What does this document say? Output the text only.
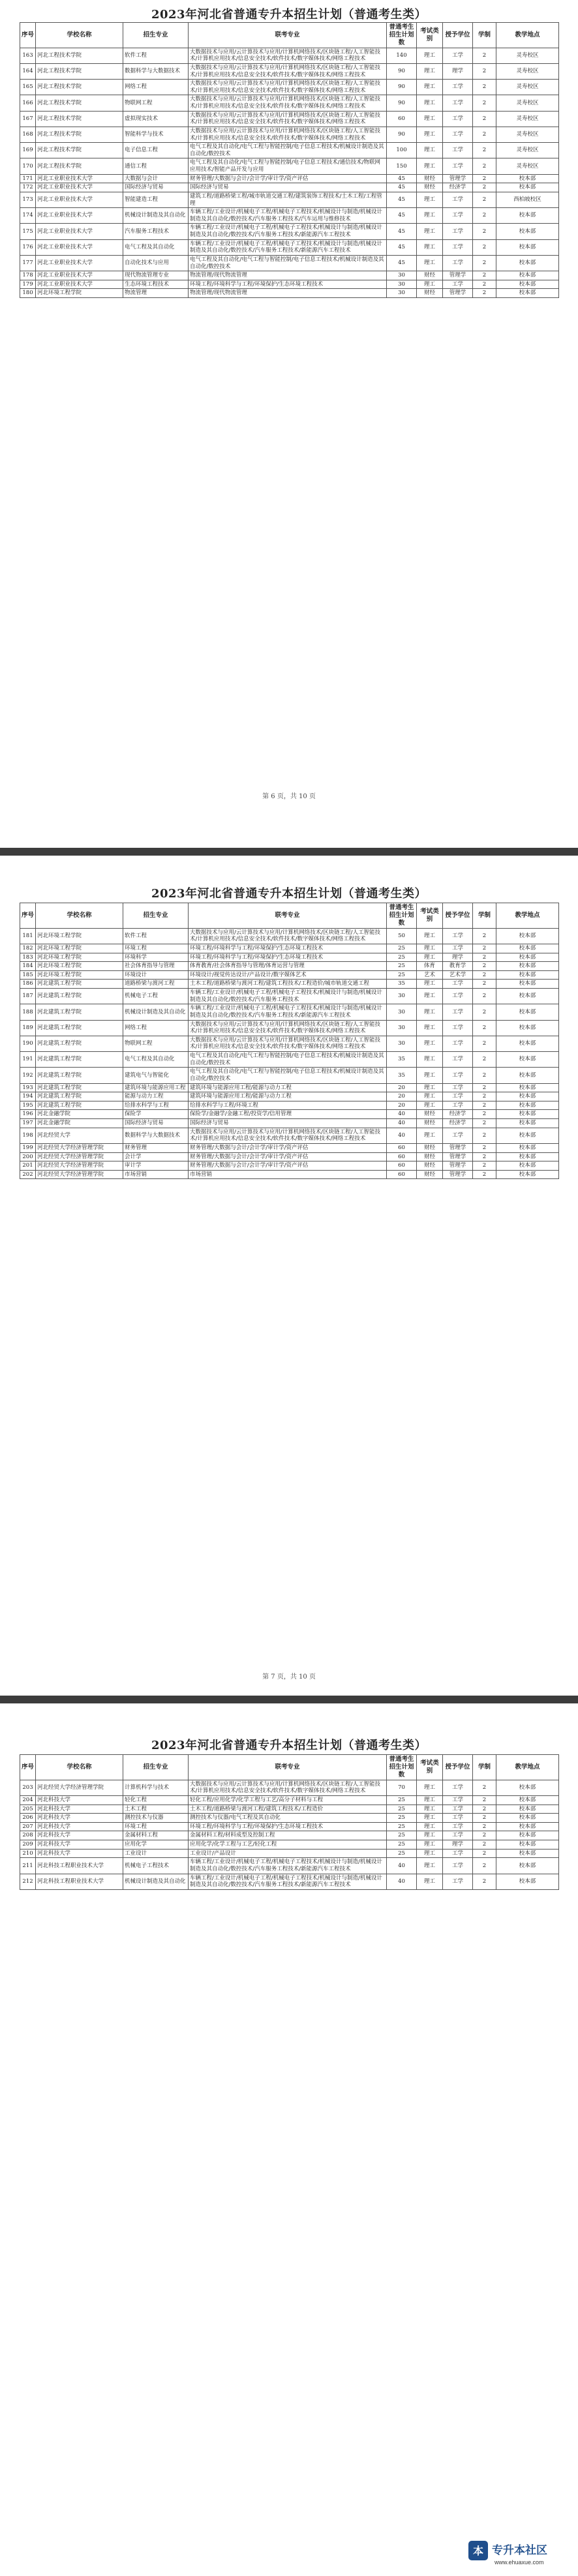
2023年河北省普通专升本招生计划（普通考生类）
序号	学校名称	招生专业	联考专业	普通考生招生计划数	考试类别	授予学位	学制	教学地点
163	河北工程技术学院	软件工程	大数据技术与应用/云计算技术与应用/计算机网络技术/区块链工程/人工智能技术/计算机应用技术/信息安全技术/软件技术/数字媒体技术/网络工程技术	140	理工	工学	2	灵寿校区
164	河北工程技术学院	数据科学与大数据技术	大数据技术与应用/云计算技术与应用/计算机网络技术/区块链工程/人工智能技术/计算机应用技术/信息安全技术/软件技术/数字媒体技术/网络工程技术	90	理工	理学	2	灵寿校区
165	河北工程技术学院	网络工程	大数据技术与应用/云计算技术与应用/计算机网络技术/区块链工程/人工智能技术/计算机应用技术/信息安全技术/软件技术/数字媒体技术/网络工程技术	90	理工	工学	2	灵寿校区
166	河北工程技术学院	物联网工程	大数据技术与应用/云计算技术与应用/计算机网络技术/区块链工程/人工智能技术/计算机应用技术/信息安全技术/软件技术/数字媒体技术/网络工程技术	90	理工	工学	2	灵寿校区
167	河北工程技术学院	虚拟现实技术	大数据技术与应用/云计算技术与应用/计算机网络技术/区块链工程/人工智能技术/计算机应用技术/信息安全技术/软件技术/数字媒体技术/网络工程技术	60	理工	工学	2	灵寿校区
168	河北工程技术学院	智能科学与技术	大数据技术与应用/云计算技术与应用/计算机网络技术/区块链工程/人工智能技术/计算机应用技术/信息安全技术/软件技术/数字媒体技术/网络工程技术	90	理工	工学	2	灵寿校区
169	河北工程技术学院	电子信息工程	电气工程及其自动化/电气工程与智能控制/电子信息工程技术/机械设计制造及其自动化/数控技术	100	理工	工学	2	灵寿校区
170	河北工程技术学院	通信工程	电气工程及其自动化/电气工程与智能控制/电子信息工程技术/通信技术/物联网应用技术/智能产品开发与应用	150	理工	工学	2	灵寿校区
171	河北工业职业技术大学	大数据与会计	财务管理/大数据与会计/会计学/审计学/资产评估	45	财经	管理学	2	校本部
172	河北工业职业技术大学	国际经济与贸易	国际经济与贸易	45	财经	经济学	2	校本部
173	河北工业职业技术大学	智能建造工程	建筑工程/道路桥梁工程/城市轨道交通工程/建筑装饰工程技术/土木工程/工程管理	45	理工	工学	2	西柏坡校区
174	河北工业职业技术大学	机械设计制造及其自动化	车辆工程/工业设计/机械电子工程/机械电子工程技术/机械设计与制造/机械设计制造及其自动化/数控技术/汽车服务工程技术/汽车运用与维修技术	45	理工	工学	2	校本部
175	河北工业职业技术大学	汽车服务工程技术	车辆工程/工业设计/机械电子工程/机械电子工程技术/机械设计与制造/机械设计制造及其自动化/数控技术/汽车服务工程技术/新能源汽车工程技术	45	理工	工学	2	校本部
176	河北工业职业技术大学	电气工程及其自动化	车辆工程/工业设计/机械电子工程/机械电子工程技术/机械设计与制造/机械设计制造及其自动化/数控技术/汽车服务工程技术/新能源汽车工程技术	45	理工	工学	2	校本部
177	河北工业职业技术大学	自动化技术与应用	电气工程及其自动化/电气工程与智能控制/电子信息工程技术/机械设计制造及其自动化/数控技术	45	理工	工学	2	校本部
178	河北工业职业技术大学	现代物流管理专业	物流管理/现代物流管理	30	财经	管理学	2	校本部
179	河北工业职业技术大学	生态环境工程技术	环境工程/环境科学与工程/环境保护/生态环境工程技术	30	理工	工学	2	校本部
180	河北环境工程学院	物流管理	物流管理/现代物流管理	30	财经	管理学	2	校本部
第 6 页，共 10 页
2023年河北省普通专升本招生计划（普通考生类）
序号	学校名称	招生专业	联考专业	普通考生招生计划数	考试类别	授予学位	学制	教学地点
181	河北环境工程学院	软件工程	大数据技术与应用/云计算技术与应用/计算机网络技术/区块链工程/人工智能技术/计算机应用技术/信息安全技术/软件技术/数字媒体技术/网络工程技术	50	理工	工学	2	校本部
182	河北环境工程学院	环境工程	环境工程/环境科学与工程/环境保护/生态环境工程技术	25	理工	工学	2	校本部
183	河北环境工程学院	环境科学	环境工程/环境科学与工程/环境保护/生态环境工程技术	25	理工	理学	2	校本部
184	河北环境工程学院	社会体育指导与管理	体育教育/社会体育指导与管理/体育运营与管理	25	体育	教育学	2	校本部
185	河北环境工程学院	环境设计	环境设计/视觉传达设计/产品设计/数字媒体艺术	25	艺术	艺术学	2	校本部
186	河北建筑工程学院	道路桥梁与渡河工程	土木工程/道路桥梁与渡河工程/建筑工程技术/工程造价/城市轨道交通工程	35	理工	工学	2	校本部
187	河北建筑工程学院	机械电子工程	车辆工程/工业设计/机械电子工程/机械电子工程技术/机械设计与制造/机械设计制造及其自动化/数控技术/汽车服务工程技术	30	理工	工学	2	校本部
188	河北建筑工程学院	机械设计制造及其自动化	车辆工程/工业设计/机械电子工程/机械电子工程技术/机械设计与制造/机械设计制造及其自动化/数控技术/汽车服务工程技术/新能源汽车工程技术	30	理工	工学	2	校本部
189	河北建筑工程学院	网络工程	大数据技术与应用/云计算技术与应用/计算机网络技术/区块链工程/人工智能技术/计算机应用技术/信息安全技术/软件技术/数字媒体技术/网络工程技术	30	理工	工学	2	校本部
190	河北建筑工程学院	物联网工程	大数据技术与应用/云计算技术与应用/计算机网络技术/区块链工程/人工智能技术/计算机应用技术/信息安全技术/软件技术/数字媒体技术/网络工程技术	30	理工	工学	2	校本部
191	河北建筑工程学院	电气工程及其自动化	电气工程及其自动化/电气工程与智能控制/电子信息工程技术/机械设计制造及其自动化/数控技术	35	理工	工学	2	校本部
192	河北建筑工程学院	建筑电气与智能化	电气工程及其自动化/电气工程与智能控制/电子信息工程技术/机械设计制造及其自动化/数控技术	35	理工	工学	2	校本部
193	河北建筑工程学院	建筑环境与能源应用工程	建筑环境与能源应用工程/能源与动力工程	20	理工	工学	2	校本部
194	河北建筑工程学院	能源与动力工程	建筑环境与能源应用工程/能源与动力工程	20	理工	工学	2	校本部
195	河北建筑工程学院	给排水科学与工程	给排水科学与工程/环境工程	20	理工	工学	2	校本部
196	河北金融学院	保险学	保险学/金融学/金融工程/投资学/信用管理	40	财经	经济学	2	校本部
197	河北金融学院	国际经济与贸易	国际经济与贸易	40	财经	经济学	2	校本部
198	河北经贸大学	数据科学与大数据技术	大数据技术与应用/云计算技术与应用/计算机网络技术/区块链工程/人工智能技术/计算机应用技术/信息安全技术/软件技术/数字媒体技术/网络工程技术	40	理工	工学	2	校本部
199	河北经贸大学经济管理学院	财务管理	财务管理/大数据与会计/会计学/审计学/资产评估	60	财经	管理学	2	校本部
200	河北经贸大学经济管理学院	会计学	财务管理/大数据与会计/会计学/审计学/资产评估	60	财经	管理学	2	校本部
201	河北经贸大学经济管理学院	审计学	财务管理/大数据与会计/会计学/审计学/资产评估	60	财经	管理学	2	校本部
202	河北经贸大学经济管理学院	市场营销	市场营销	60	财经	管理学	2	校本部
第 7 页，共 10 页
2023年河北省普通专升本招生计划（普通考生类）
序号	学校名称	招生专业	联考专业	普通考生招生计划数	考试类别	授予学位	学制	教学地点
203	河北经贸大学经济管理学院	计算机科学与技术	大数据技术与应用/云计算技术与应用/计算机网络技术/区块链工程/人工智能技术/计算机应用技术/信息安全技术/软件技术/数字媒体技术/网络工程技术	70	理工	工学	2	校本部
204	河北科技大学	轻化工程	轻化工程/应用化学/化学工程与工艺/高分子材料与工程	25	理工	工学	2	校本部
205	河北科技大学	土木工程	土木工程/道路桥梁与渡河工程/建筑工程技术/工程造价	25	理工	工学	2	校本部
206	河北科技大学	测控技术与仪器	测控技术与仪器/电气工程及其自动化	25	理工	工学	2	校本部
207	河北科技大学	环境工程	环境工程/环境科学与工程/环境保护/生态环境工程技术	25	理工	工学	2	校本部
208	河北科技大学	金属材料工程	金属材料工程/材料成型及控制工程	25	理工	工学	2	校本部
209	河北科技大学	应用化学	应用化学/化学工程与工艺/轻化工程	25	理工	理学	2	校本部
210	河北科技大学	工业设计	工业设计/产品设计	25	理工	工学	2	校本部
211	河北科技工程职业技术大学	机械电子工程技术	车辆工程/工业设计/机械电子工程/机械电子工程技术/机械设计与制造/机械设计制造及其自动化/数控技术/汽车服务工程技术/新能源汽车工程技术	40	理工	工学	2	校本部
212	河北科技工程职业技术大学	机械设计制造及其自动化	车辆工程/工业设计/机械电子工程/机械电子工程技术/机械设计与制造/机械设计制造及其自动化/数控技术/汽车服务工程技术/新能源汽车工程技术	40	理工	工学	2	校本部
本 专升本社区
www.ehuaxue.com
